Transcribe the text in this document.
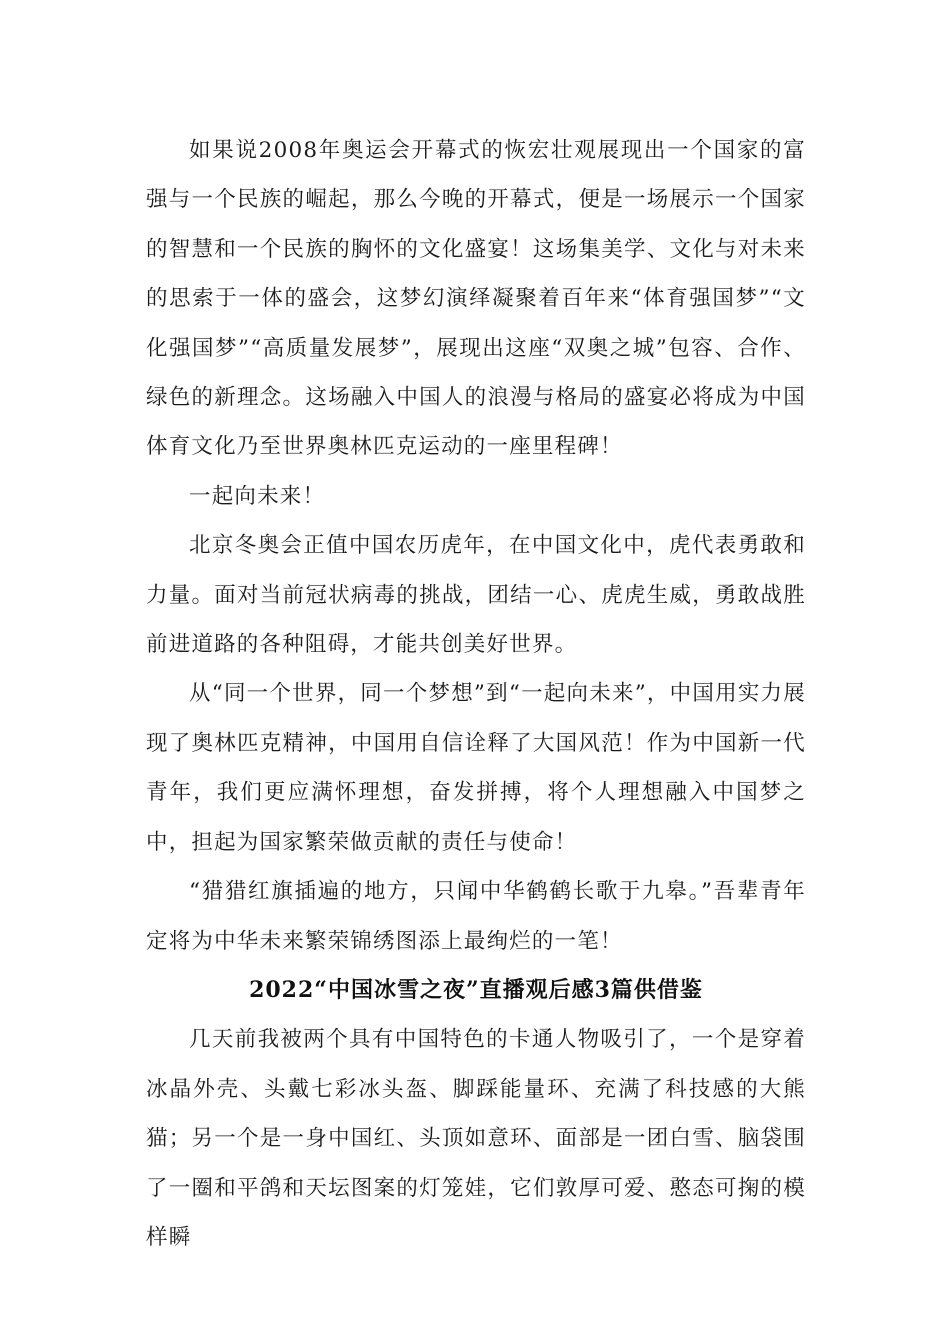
如果说2008年奥运会开幕式的恢宏壮观展现出一个国家的富强与一个民族的崛起，那么今晚的开幕式，便是一场展示一个国家的智慧和一个民族的胸怀的文化盛宴！这场集美学、文化与对未来的思索于一体的盛会，这梦幻演绎凝聚着百年来“体育强国梦”“文化强国梦”“高质量发展梦”，展现出这座“双奥之城”包容、合作、绿色的新理念。这场融入中国人的浪漫与格局的盛宴必将成为中国体育文化乃至世界奥林匹克运动的一座里程碑！

一起向未来！

北京冬奥会正值中国农历虎年，在中国文化中，虎代表勇敢和力量。面对当前冠状病毒的挑战，团结一心、虎虎生威，勇敢战胜前进道路的各种阻碍，才能共创美好世界。

从“同一个世界，同一个梦想”到“一起向未来”，中国用实力展现了奥林匹克精神，中国用自信诠释了大国风范！作为中国新一代青年，我们更应满怀理想，奋发拼搏，将个人理想融入中国梦之中，担起为国家繁荣做贡献的责任与使命！

“猎猎红旗插遍的地方，只闻中华鹤鹤长歌于九皋。”吾辈青年定将为中华未来繁荣锦绣图添上最绚烂的一笔！

2022“中国冰雪之夜”直播观后感3篇供借鉴

几天前我被两个具有中国特色的卡通人物吸引了，一个是穿着冰晶外壳、头戴七彩冰头盔、脚踩能量环、充满了科技感的大熊猫；另一个是一身中国红、头顶如意环、面部是一团白雪、脑袋围了一圈和平鸽和天坛图案的灯笼娃，它们敦厚可爱、憨态可掬的模样瞬
